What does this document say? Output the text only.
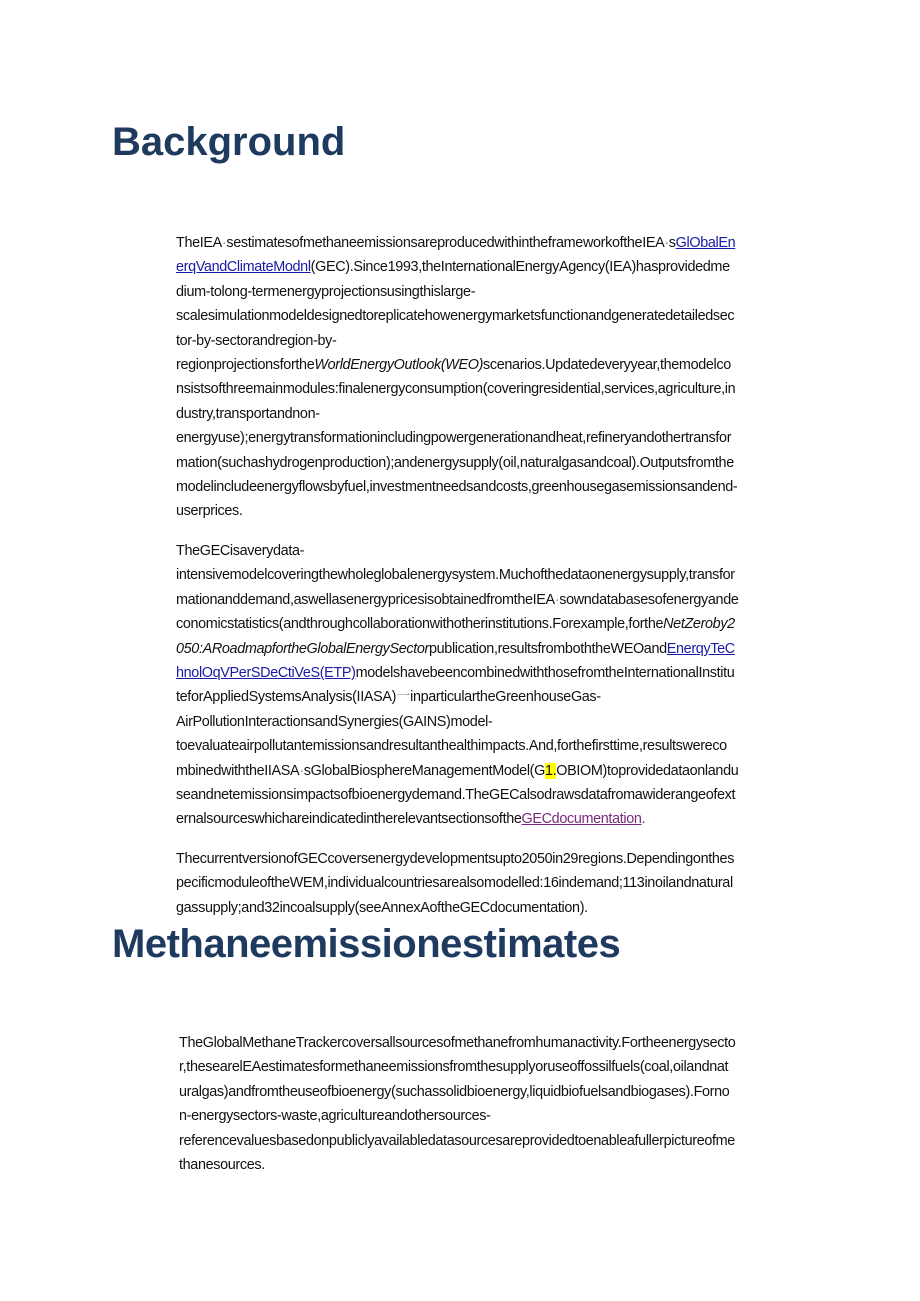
Background
TheIEA·sestimatesofmethaneemissionsareproducedwithintheframeworkoftheIEA·sGlObalEn
erqVandClimateModnl(GEC).Since1993,theInternationalEnergyAgency(IEA)hasprovidedme
dium-tolong-termenergyprojectionsusingthislarge-
scalesimulationmodeldesignedtoreplicatehowenergymarketsfunctionandgeneratedetailedsec
tor-by-sectorandregion-by-
regionprojectionsfortheWorldEnergyOutlook(WEO)scenarios.Updatedeveryyear,themodelco
nsistsofthreemainmodules:finalenergyconsumption(coveringresidential,services,agriculture,in
dustry,transportandnon-
energyuse);energytransformationincludingpowergenerationandheat,refineryandothertransfor
mation(suchashydrogenproduction);andenergysupply(oil,naturalgasandcoal).Outputsfromthe
modelincludeenergyflowsbyfuel,investmentneedsandcosts,greenhousegasemissionsandend-
userprices.
TheGECisaverydata-
intensivemodelcoveringthewholeglobalenergysystem.Muchofthedataonenergysupply,transfor
mationanddemand,aswellasenergypricesisobtainedfromtheIEA·sowndatabasesofenergyande
conomicstatistics(andthroughcollaborationwithotherinstitutions.Forexample,fortheNetZeroby2
050:ARoadmapfortheGlobalEnergySectorpublication,resultsfromboththeWEOandEnerqyTeC
hnolOqVPerSDeCtiVeS(ETP)modelshavebeencombinedwiththosefromtheInternationalInstitu
teforAppliedSystemsAnalysis(IIASA)一inparticulartheGreenhouseGas-
AirPollutionInteractionsandSynergies(GAINS)model-
toevaluateairpollutantemissionsandresultanthealthimpacts.And,forthefirsttime,resultswereco
mbinedwiththeIIASA·sGlobalBiosphereManagementModel(G1.OBIOM)toprovidedataonlandu
seandnetemissionsimpactsofbioenergydemand.TheGECalsodrawsdatafromawiderangeofext
ernalsourceswhichareindicatedintherelevantsectionsoftheGECdocumentation.
ThecurrentversionofGECcoversenergydevelopmentsupto2050in29regions.Dependingonthes
pecificmoduleoftheWEM,individualcountriesarealsomodelled:16indemand;113inoilandnatural
gassupply;and32incoalsupply(seeAnnexAoftheGECdocumentation).
Methaneemissionestimates
TheGlobalMethaneTrackercoversallsourcesofmethanefromhumanactivity.Fortheenergysecto
r,thesearelEAestimatesformethaneemissionsfromthesupplyoruseoffossilfuels(coal,oilandnat
uralgas)andfromtheuseofbioenergy(suchassolidbioenergy,liquidbiofuelsandbiogases).Forno
n-energysectors-waste,agricultureandothersources-
referencevaluesbasedonpubliclyavailabledatasourcesareprovidedtoenableafullerpictureofme
thanesources.
